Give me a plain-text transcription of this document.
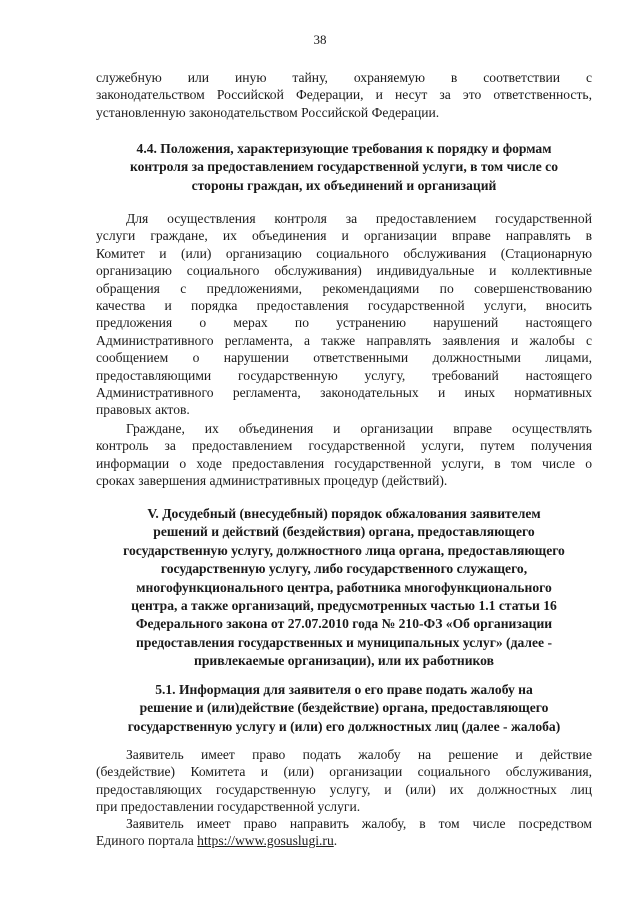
38
служебную или иную тайну, охраняемую в соответствии с
законодательством Российской Федерации, и несут за это ответственность,
установленную законодательством Российской Федерации.
4.4. Положения, характеризующие требования к порядку и формам
контроля за предоставлением государственной услуги, в том числе со
стороны граждан, их объединений и организаций
Для осуществления контроля за предоставлением государственной
услуги граждане, их объединения и организации вправе направлять в
Комитет и (или) организацию социального обслуживания (Стационарную
организацию социального обслуживания) индивидуальные и коллективные
обращения с предложениями, рекомендациями по совершенствованию
качества и порядка предоставления государственной услуги, вносить
предложения о мерах по устранению нарушений настоящего
Административного регламента, а также направлять заявления и жалобы с
сообщением о нарушении ответственными должностными лицами,
предоставляющими государственную услугу, требований настоящего
Административного регламента, законодательных и иных нормативных
правовых актов.
Граждане, их объединения и организации вправе осуществлять
контроль за предоставлением государственной услуги, путем получения
информации о ходе предоставления государственной услуги, в том числе о
сроках завершения административных процедур (действий).
V. Досудебный (внесудебный) порядок обжалования заявителем
решений и действий (бездействия) органа, предоставляющего
государственную услугу, должностного лица органа, предоставляющего
государственную услугу, либо государственного служащего,
многофункционального центра, работника многофункционального
центра, а также организаций, предусмотренных частью 1.1 статьи 16
Федерального закона от 27.07.2010 года № 210-ФЗ «Об организации
предоставления государственных и муниципальных услуг» (далее -
привлекаемые организации), или их работников
5.1. Информация для заявителя о его праве подать жалобу на
решение и (или)действие (бездействие) органа, предоставляющего
государственную услугу и (или) его должностных лиц (далее - жалоба)
Заявитель имеет право подать жалобу на решение и действие
(бездействие) Комитета и (или) организации социального обслуживания,
предоставляющих государственную услугу, и (или) их должностных лиц
при предоставлении государственной услуги.
Заявитель имеет право направить жалобу, в том числе посредством
Единого портала https://www.gosuslugi.ru.
